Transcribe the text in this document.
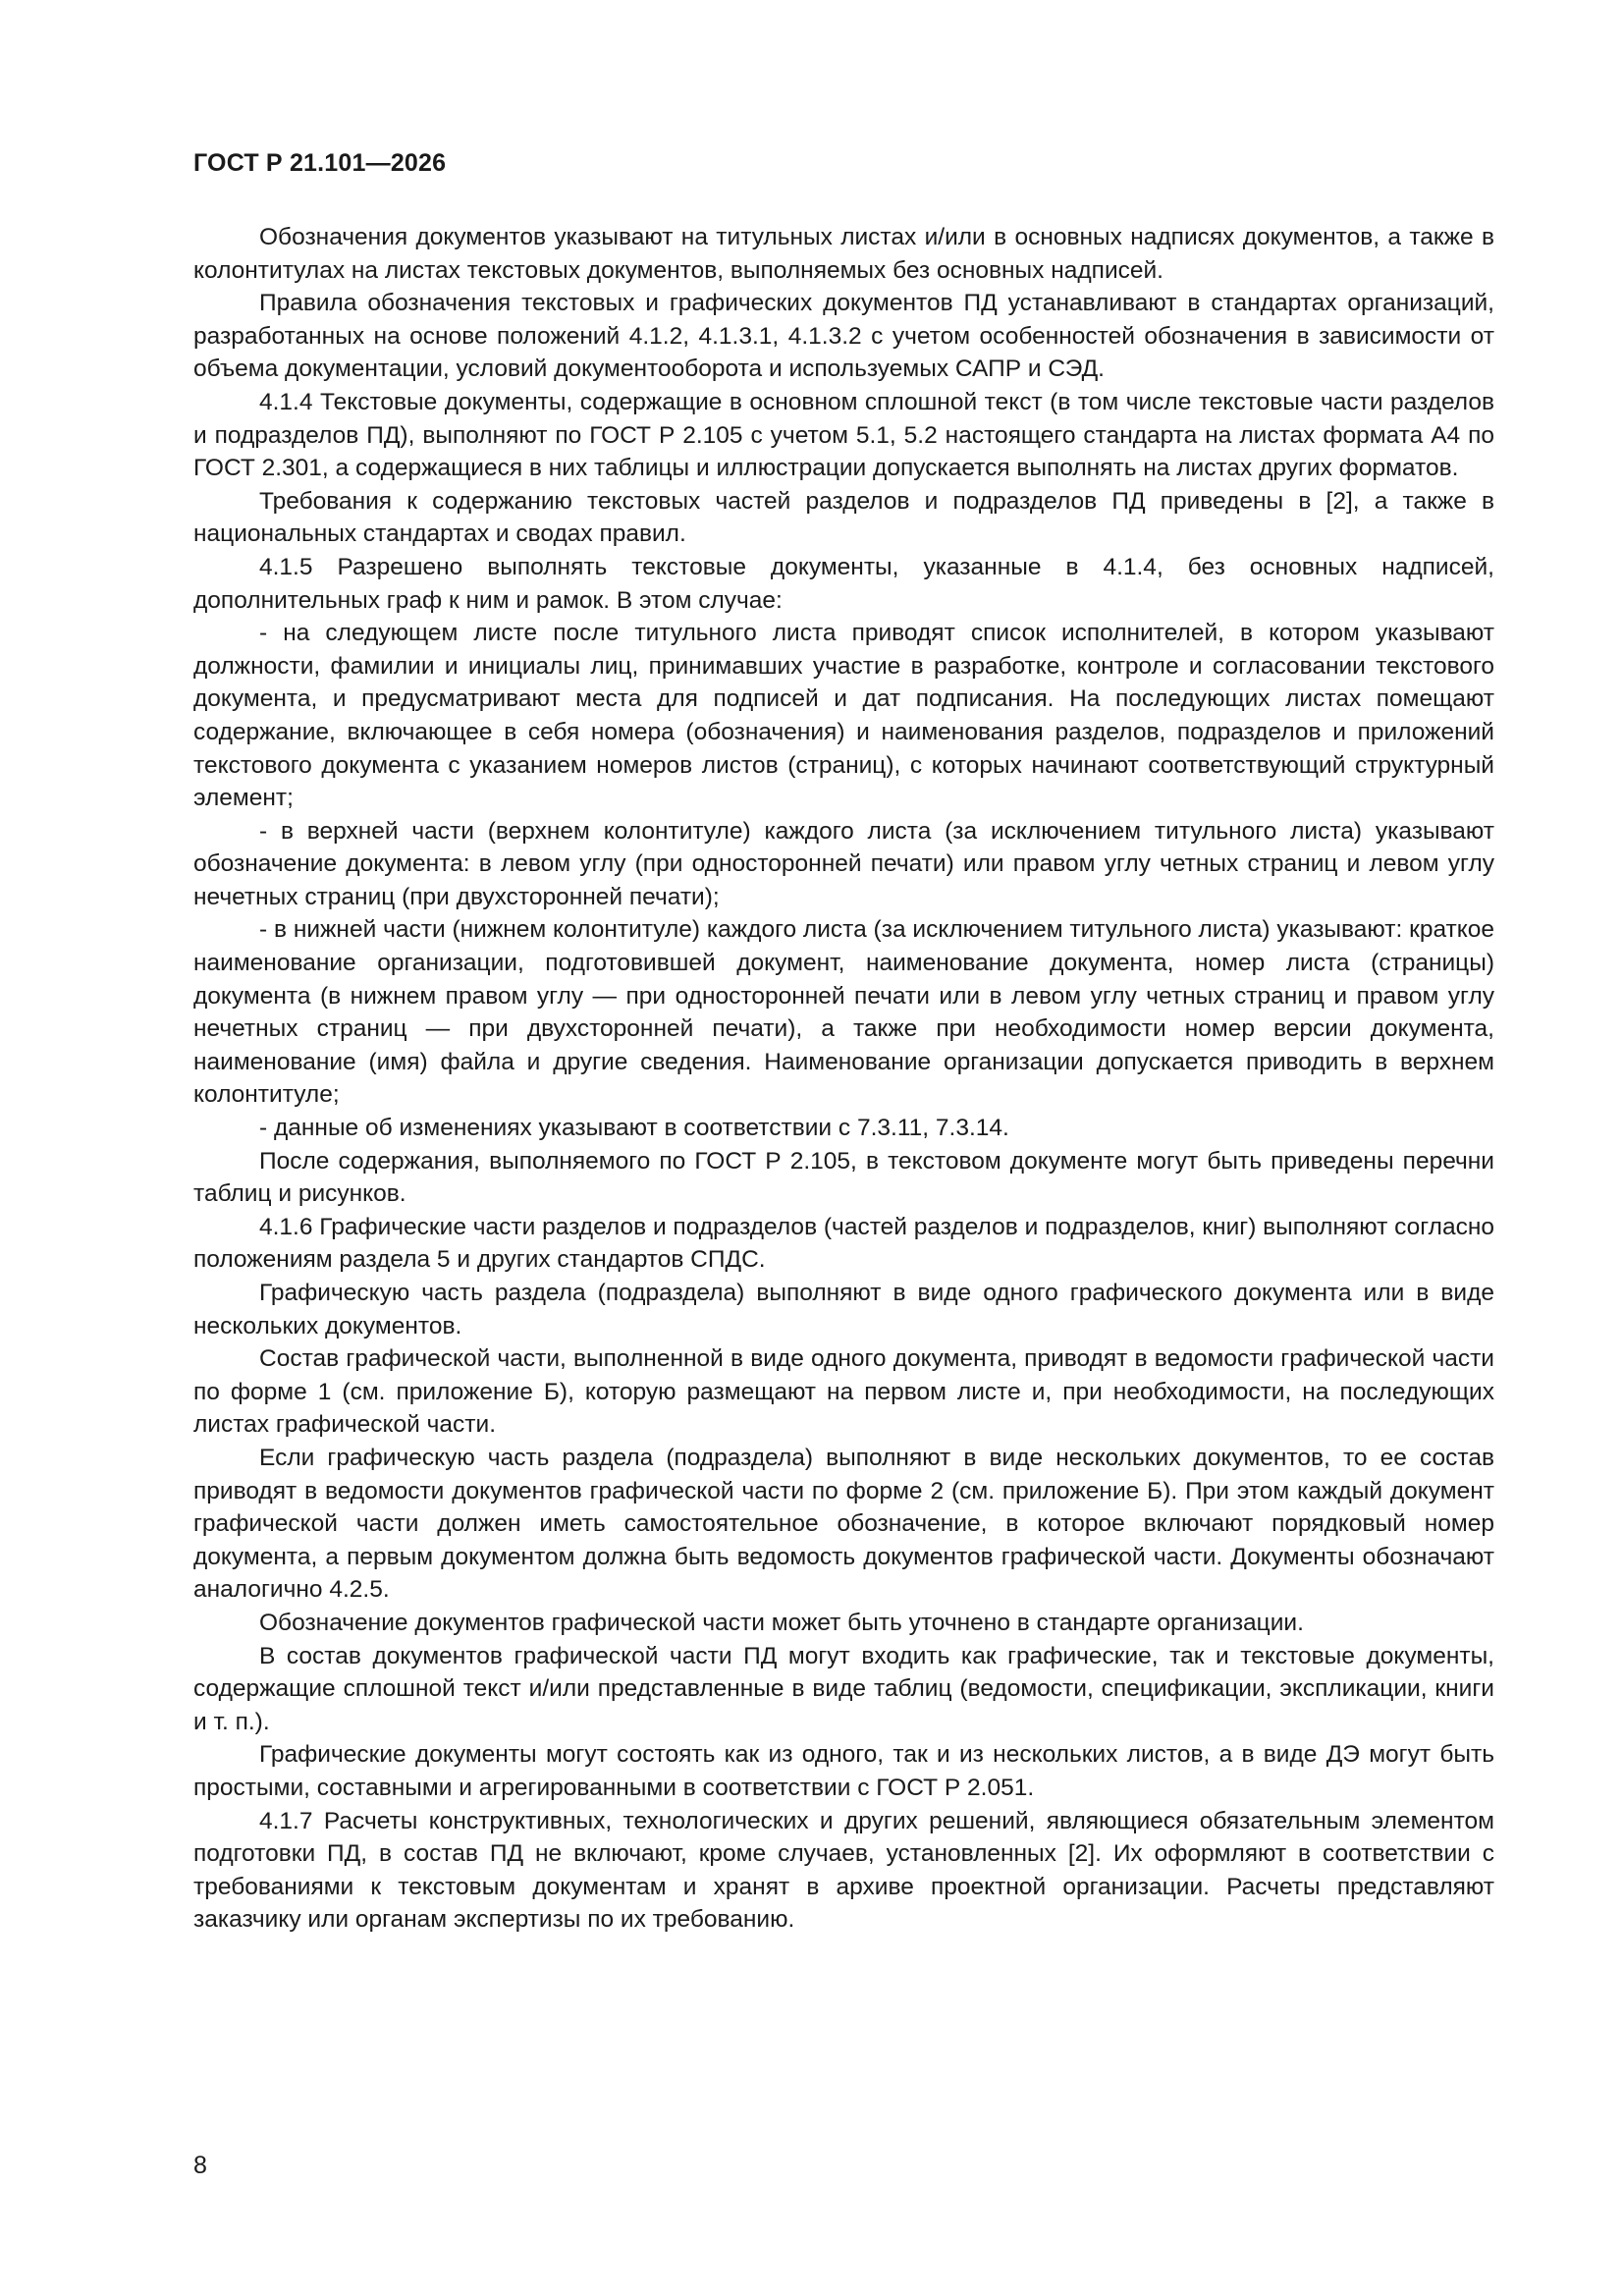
ГОСТ Р 21.101—2026

Обозначения документов указывают на титульных листах и/или в основных надписях документов, а также в колонтитулах на листах текстовых документов, выполняемых без основных надписей.

Правила обозначения текстовых и графических документов ПД устанавливают в стандартах организаций, разработанных на основе положений 4.1.2, 4.1.3.1, 4.1.3.2 с учетом особенностей обозначения в зависимости от объема документации, условий документооборота и используемых САПР и СЭД.

4.1.4 Текстовые документы, содержащие в основном сплошной текст (в том числе текстовые части разделов и подразделов ПД), выполняют по ГОСТ Р 2.105 с учетом 5.1, 5.2 настоящего стандарта на листах формата А4 по ГОСТ 2.301, а содержащиеся в них таблицы и иллюстрации допускается выполнять на листах других форматов.

Требования к содержанию текстовых частей разделов и подразделов ПД приведены в [2], а также в национальных стандартах и сводах правил.

4.1.5 Разрешено выполнять текстовые документы, указанные в 4.1.4, без основных надписей, дополнительных граф к ним и рамок. В этом случае:

- на следующем листе после титульного листа приводят список исполнителей, в котором указывают должности, фамилии и инициалы лиц, принимавших участие в разработке, контроле и согласовании текстового документа, и предусматривают места для подписей и дат подписания. На последующих листах помещают содержание, включающее в себя номера (обозначения) и наименования разделов, подразделов и приложений текстового документа с указанием номеров листов (страниц), с которых начинают соответствующий структурный элемент;

- в верхней части (верхнем колонтитуле) каждого листа (за исключением титульного листа) указывают обозначение документа: в левом углу (при односторонней печати) или правом углу четных страниц и левом углу нечетных страниц (при двухсторонней печати);

- в нижней части (нижнем колонтитуле) каждого листа (за исключением титульного листа) указывают: краткое наименование организации, подготовившей документ, наименование документа, номер листа (страницы) документа (в нижнем правом углу — при односторонней печати или в левом углу четных страниц и правом углу нечетных страниц — при двухсторонней печати), а также при необходимости номер версии документа, наименование (имя) файла и другие сведения. Наименование организации допускается приводить в верхнем колонтитуле;

- данные об изменениях указывают в соответствии с 7.3.11, 7.3.14.

После содержания, выполняемого по ГОСТ Р 2.105, в текстовом документе могут быть приведены перечни таблиц и рисунков.

4.1.6 Графические части разделов и подразделов (частей разделов и подразделов, книг) выполняют согласно положениям раздела 5 и других стандартов СПДС.

Графическую часть раздела (подраздела) выполняют в виде одного графического документа или в виде нескольких документов.

Состав графической части, выполненной в виде одного документа, приводят в ведомости графической части по форме 1 (см. приложение Б), которую размещают на первом листе и, при необходимости, на последующих листах графической части.

Если графическую часть раздела (подраздела) выполняют в виде нескольких документов, то ее состав приводят в ведомости документов графической части по форме 2 (см. приложение Б). При этом каждый документ графической части должен иметь самостоятельное обозначение, в которое включают порядковый номер документа, а первым документом должна быть ведомость документов графической части. Документы обозначают аналогично 4.2.5.

Обозначение документов графической части может быть уточнено в стандарте организации.

В состав документов графической части ПД могут входить как графические, так и текстовые документы, содержащие сплошной текст и/или представленные в виде таблиц (ведомости, спецификации, экспликации, книги и т. п.).

Графические документы могут состоять как из одного, так и из нескольких листов, а в виде ДЭ могут быть простыми, составными и агрегированными в соответствии с ГОСТ Р 2.051.

4.1.7 Расчеты конструктивных, технологических и других решений, являющиеся обязательным элементом подготовки ПД, в состав ПД не включают, кроме случаев, установленных [2]. Их оформляют в соответствии с требованиями к текстовым документам и хранят в архиве проектной организации. Расчеты представляют заказчику или органам экспертизы по их требованию.

8
